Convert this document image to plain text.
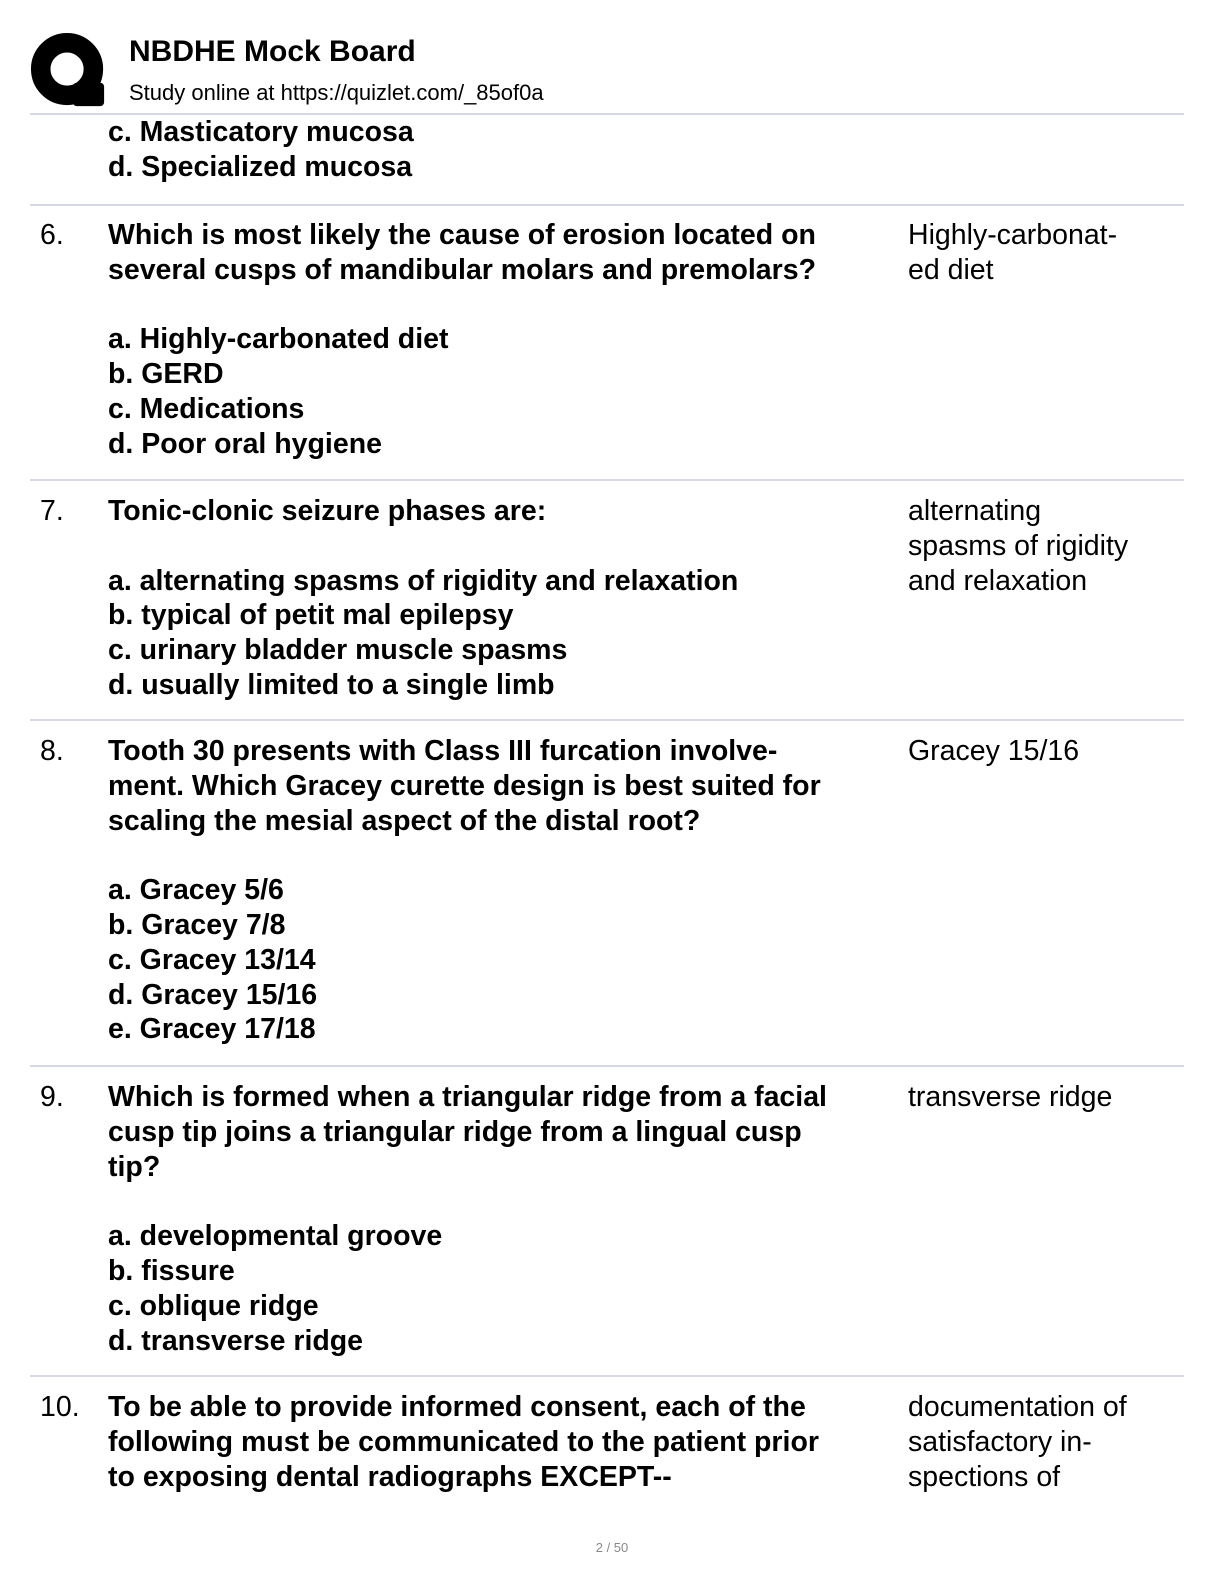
NBDHE Mock Board
Study online at https://quizlet.com/_85of0a
c. Masticatory mucosa
d. Specialized mucosa
6. Which is most likely the cause of erosion located on
several cusps of mandibular molars and premolars?
a. Highly-carbonated diet
b. GERD
c. Medications
d. Poor oral hygiene
Highly-carbonat-
ed diet
7. Tonic-clonic seizure phases are:
a. alternating spasms of rigidity and relaxation
b. typical of petit mal epilepsy
c. urinary bladder muscle spasms
d. usually limited to a single limb
alternating
spasms of rigidity
and relaxation
8. Tooth 30 presents with Class III furcation involve-
ment. Which Gracey curette design is best suited for
scaling the mesial aspect of the distal root?
a. Gracey 5/6
b. Gracey 7/8
c. Gracey 13/14
d. Gracey 15/16
e. Gracey 17/18
Gracey 15/16
9. Which is formed when a triangular ridge from a facial
cusp tip joins a triangular ridge from a lingual cusp
tip?
a. developmental groove
b. fissure
c. oblique ridge
d. transverse ridge
transverse ridge
10. To be able to provide informed consent, each of the
following must be communicated to the patient prior
to exposing dental radiographs EXCEPT--
documentation of
satisfactory in-
spections of
2 / 50
